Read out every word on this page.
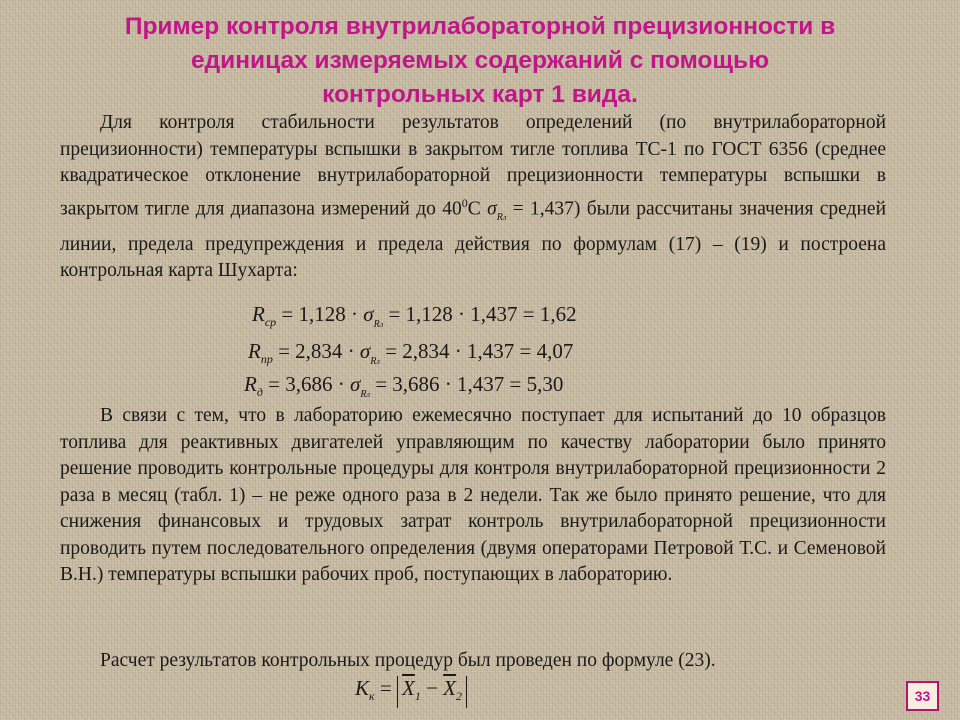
Пример контроля внутрилабораторной прецизионности в
единицах измеряемых содержаний с помощью
контрольных карт 1 вида.

Для контроля стабильности результатов определений (по внутрилабораторной прецизионности) температуры вспышки в закрытом тигле топлива ТС-1 по ГОСТ 6356 (среднее квадратическое отклонение внутрилабораторной прецизионности температуры вспышки в закрытом тигле для диапазона измерений до $40^0С$ $\sigma_{Rл} = 1,437$) были рассчитаны значения средней линии, предела предупреждения и предела действия по формулам (17) – (19) и построена контрольная карта Шухарта:

$R_{ср} = 1,128 \cdot \sigma_{Rл} = 1,128 \cdot 1,437 = 1,62$
$R_{пр} = 2,834 \cdot \sigma_{Rл} = 2,834 \cdot 1,437 = 4,07$
$R_д = 3,686 \cdot \sigma_{Rл} = 3,686 \cdot 1,437 = 5,30$

В связи с тем, что в лабораторию ежемесячно поступает для испытаний до 10 образцов топлива для реактивных двигателей управляющим по качеству лаборатории было принято решение проводить контрольные процедуры для контроля внутрилабораторной прецизионности 2 раза в месяц (табл. 1) – не реже одного раза в 2 недели. Так же было принято решение, что для снижения финансовых и трудовых затрат контроль внутрилабораторной прецизионности проводить путем последовательного определения (двумя операторами Петровой Т.С. и Семеновой В.Н.) температуры вспышки рабочих проб, поступающих в лабораторию.

Расчет результатов контрольных процедур был проведен по формуле (23).

$K_к = \overline{X}_1 - \overline{X}_2$	33
